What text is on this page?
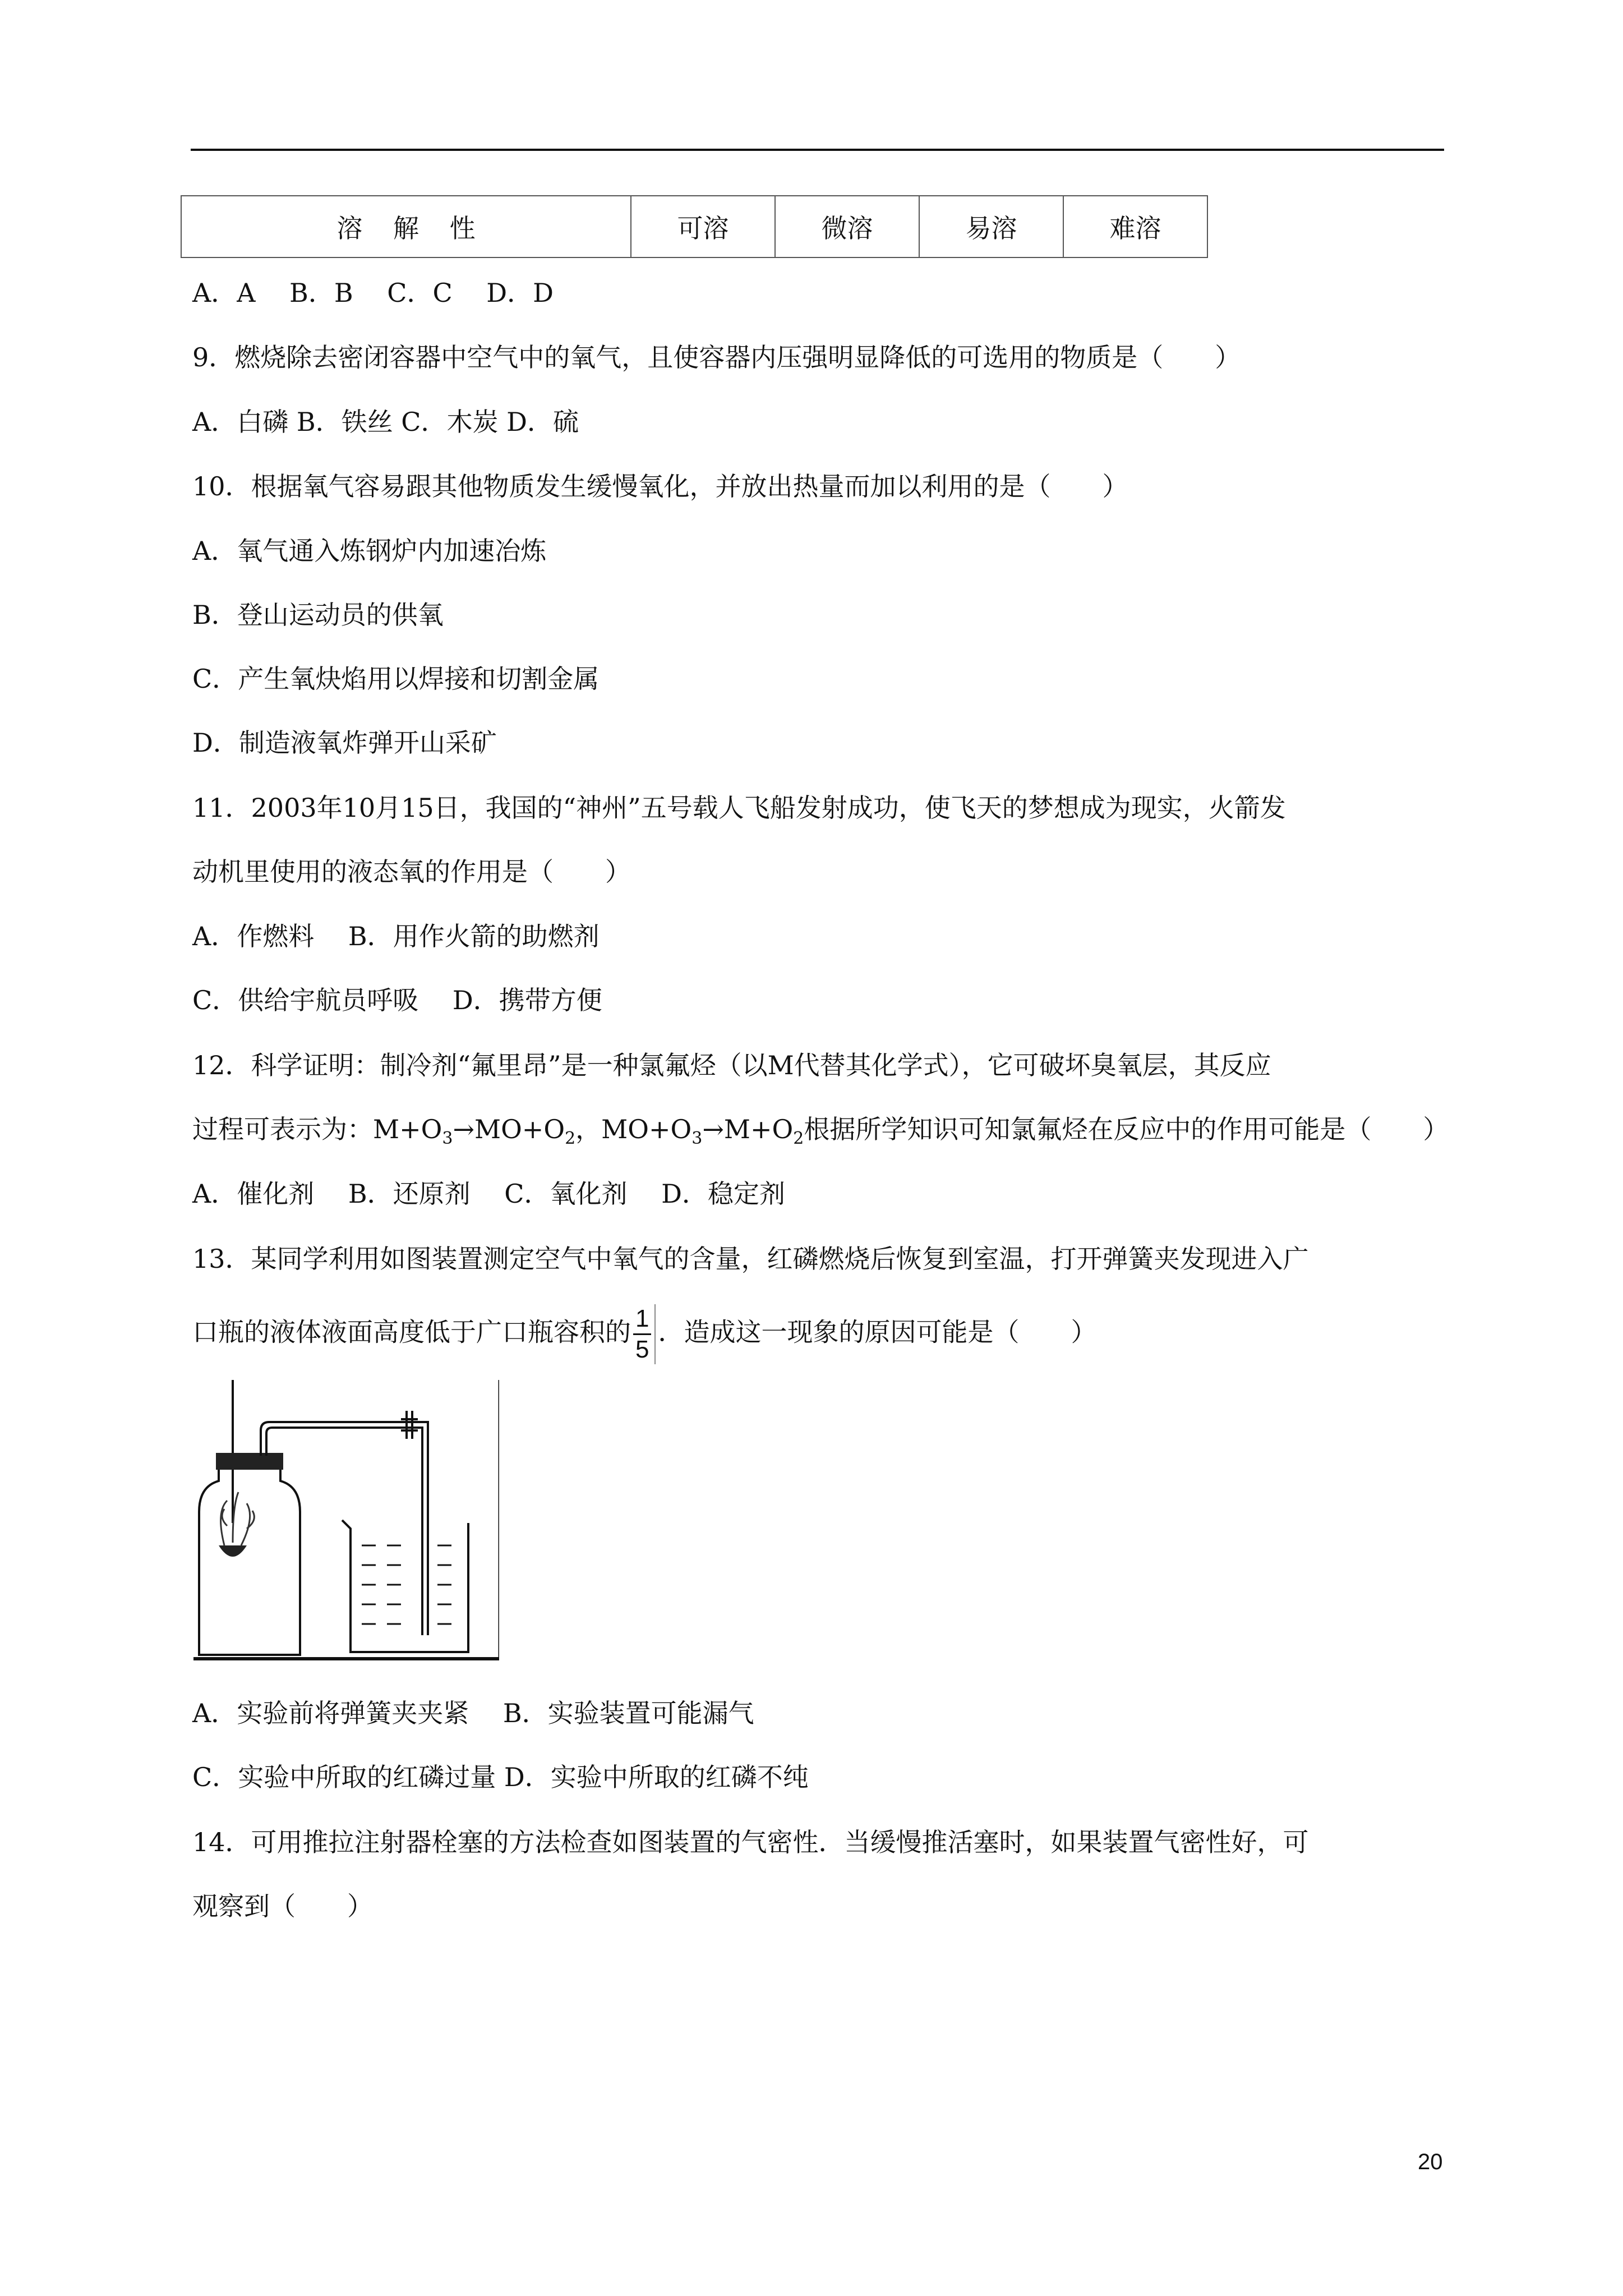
溶 解 性	可溶	微溶	易溶	难溶
A．A　 B．B　 C．C　 D．D
9．燃烧除去密闭容器中空气中的氧气，且使容器内压强明显降低的可选用的物质是（　　）
A．白磷 B．铁丝 C．木炭 D．硫
10．根据氧气容易跟其他物质发生缓慢氧化，并放出热量而加以利用的是（　　）
A．氧气通入炼钢炉内加速冶炼
B．登山运动员的供氧
C．产生氧炔焰用以焊接和切割金属
D．制造液氧炸弹开山采矿
11．2003年10月15日，我国的“神州”五号载人飞船发射成功，使飞天的梦想成为现实，火箭发
动机里使用的液态氧的作用是（　　）
A．作燃料　 B．用作火箭的助燃剂
C．供给宇航员呼吸　 D．携带方便
12．科学证明：制冷剂“氟里昂”是一种氯氟烃（以M代替其化学式），它可破坏臭氧层，其反应
过程可表示为：$M+O_3\to MO+O_2$，$MO+O_3\to M+O_2$根据所学知识可知氯氟烃在反应中的作用可能是（　　）
A．催化剂　 B．还原剂　 C．氧化剂　 D．稳定剂
13．某同学利用如图装置测定空气中氧气的含量，红磷燃烧后恢复到室温，打开弹簧夹发现进入广
口瓶的液体液面高度低于广口瓶容积的 $\frac{1}{5}$ ．造成这一现象的原因可能是（　　）
A．实验前将弹簧夹夹紧　 B．实验装置可能漏气
C．实验中所取的红磷过量 D．实验中所取的红磷不纯
14．可用推拉注射器栓塞的方法检查如图装置的气密性．当缓慢推活塞时，如果装置气密性好，可
观察到（　　）
20
